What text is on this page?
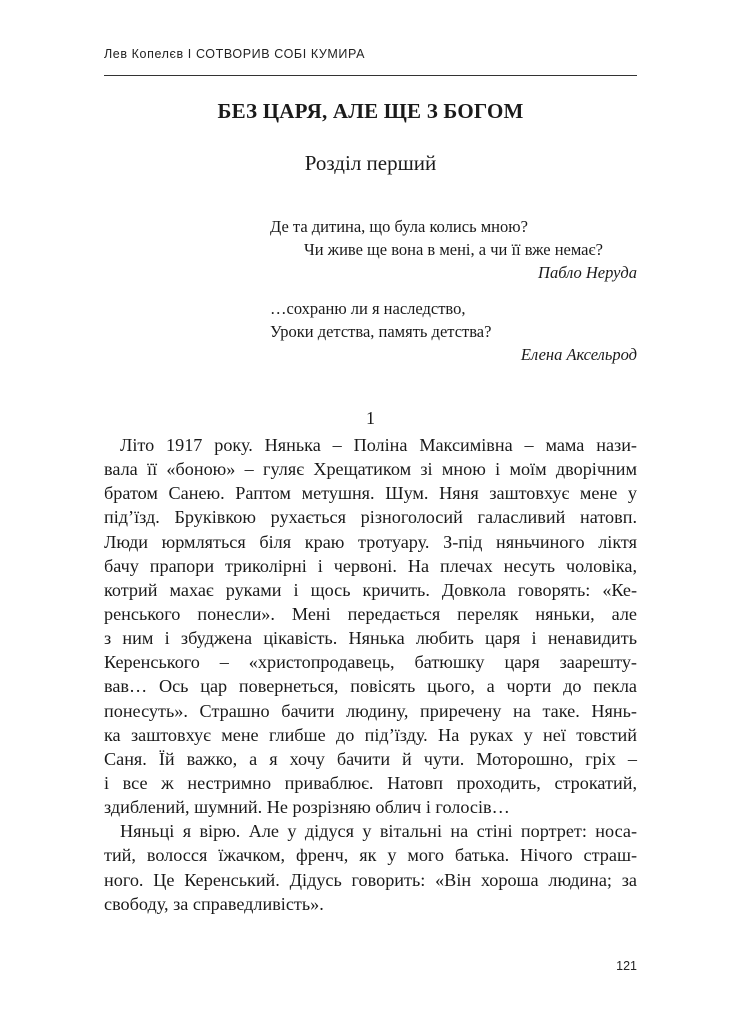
Лев Копелєв І СОТВОРИВ СОБІ КУМИРА
БЕЗ ЦАРЯ, АЛЕ ЩЕ З БОГОМ
Розділ перший
Де та дитина, що була колись мною?
Чи живе ще вона в мені, а чи її вже немає?
Пабло Неруда
…сохраню ли я наследство,
Уроки детства, память детства?
Елена Аксельрод
1
Літо 1917 року. Нянька – Поліна Максимівна – мама нази-
вала її «боною» – гуляє Хрещатиком зі мною і моїм дворічним
братом Санею. Раптом метушня. Шум. Няня заштовхує мене у
під’їзд. Бруківкою рухається різноголосий галасливий натовп.
Люди юрмляться біля краю тротуару. З-під няньчиного ліктя
бачу прапори триколірні і червоні. На плечах несуть чоловіка,
котрий махає руками і щось кричить. Довкола говорять: «Ке-
ренського понесли». Мені передається переляк няньки, але
з ним і збуджена цікавість. Нянька любить царя і ненавидить
Керенського – «христопродавець, батюшку царя заарешту-
вав… Ось цар повернеться, повісять цього, а чорти до пекла
понесуть». Страшно бачити людину, приречену на таке. Нянь-
ка заштовхує мене глибше до під’їзду. На руках у неї товстий
Саня. Їй важко, а я хочу бачити й чути. Моторошно, гріх –
і все ж нестримно приваблює. Натовп проходить, строкатий,
здиблений, шумний. Не розрізняю облич і голосів…
Няньці я вірю. Але у дідуся у вітальні на стіні портрет: носа-
тий, волосся їжачком, френч, як у мого батька. Нічого страш-
ного. Це Керенський. Дідусь говорить: «Він хороша людина; за
свободу, за справедливість».
121
